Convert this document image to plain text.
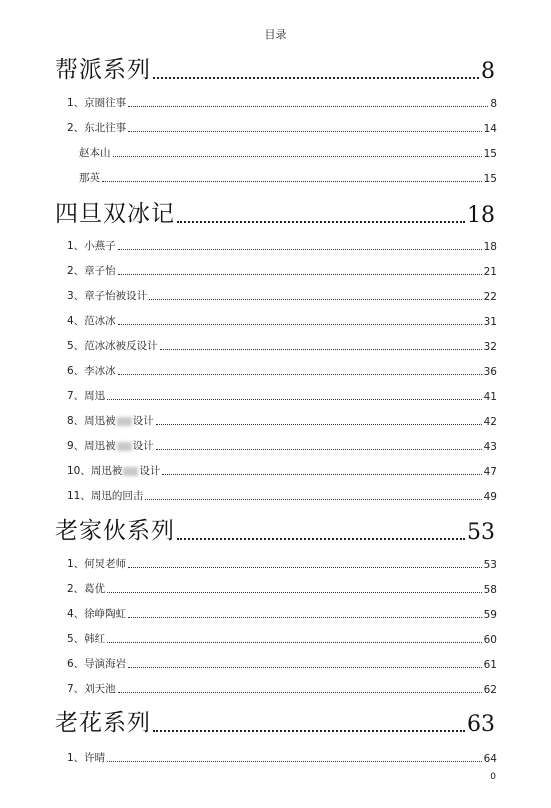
目录
帮派系列	8
1、京圈往事	8
2、东北往事	14
赵本山	15
那英	15
四旦双冰记	18
1、小燕子	18
2、章子怡	21
3、章子怡被设计	22
4、范冰冰	31
5、范冰冰被反设计	32
6、李冰冰	36
7、周迅	41
8、周迅被 设计	42
9、周迅被 设计	43
10、周迅被 设计	47
11、周迅的回击	49
老家伙系列	53
1、何炅老师	53
2、葛优	58
4、徐峥陶虹	59
5、韩红	60
6、导演海岩	61
7、刘天池	62
老花系列	63
1、许晴	64
0
